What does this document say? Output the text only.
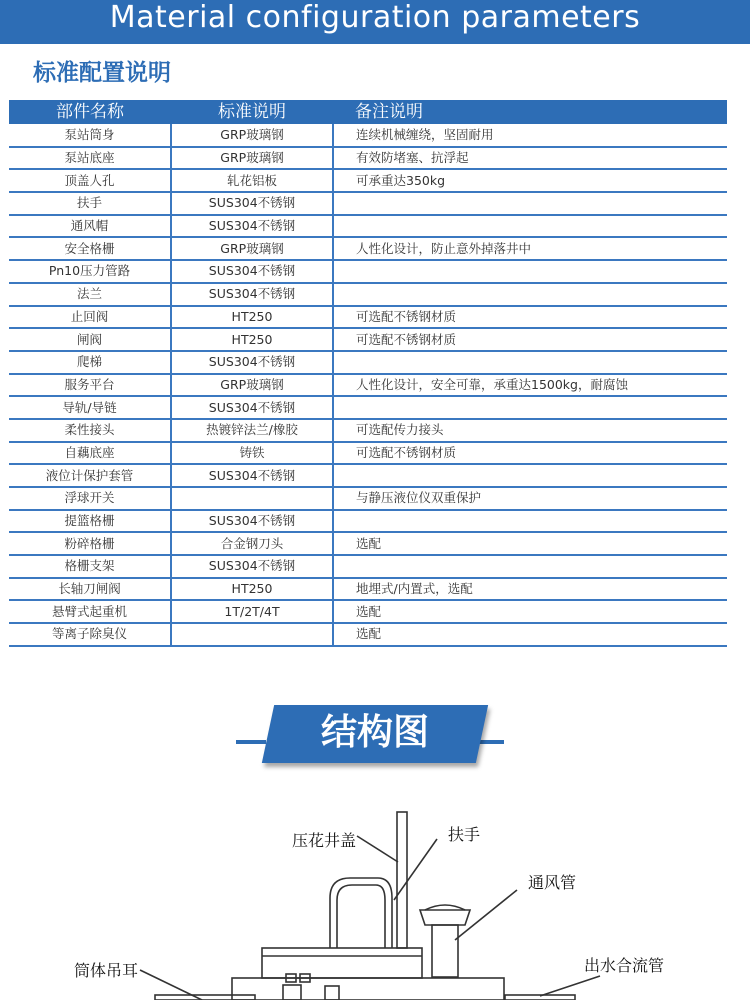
Material configuration parameters
标准配置说明
部件名称	标准说明	备注说明
泵站筒身	GRP玻璃钢	连续机械缠绕，坚固耐用
泵站底座	GRP玻璃钢	有效防堵塞、抗浮起
顶盖人孔	轧花铝板	可承重达350kg
扶手	SUS304不锈钢	
通风帽	SUS304不锈钢	
安全格栅	GRP玻璃钢	人性化设计，防止意外掉落井中
Pn10压力管路	SUS304不锈钢	
法兰	SUS304不锈钢	
止回阀	HT250	可选配不锈钢材质
闸阀	HT250	可选配不锈钢材质
爬梯	SUS304不锈钢	
服务平台	GRP玻璃钢	人性化设计，安全可靠，承重达1500kg，耐腐蚀
导轨/导链	SUS304不锈钢	
柔性接头	热镀锌法兰/橡胶	可选配传力接头
自藕底座	铸铁	可选配不锈钢材质
液位计保护套管	SUS304不锈钢	
浮球开关		与静压液位仪双重保护
提篮格栅	SUS304不锈钢	
粉碎格栅	合金钢刀头	选配
格栅支架	SUS304不锈钢	
长轴刀闸阀	HT250	地埋式/内置式，选配
悬臂式起重机	1T/2T/4T	选配
等离子除臭仪		选配
结构图
压花井盖	扶手
通风管
筒体吊耳	出水合流管
